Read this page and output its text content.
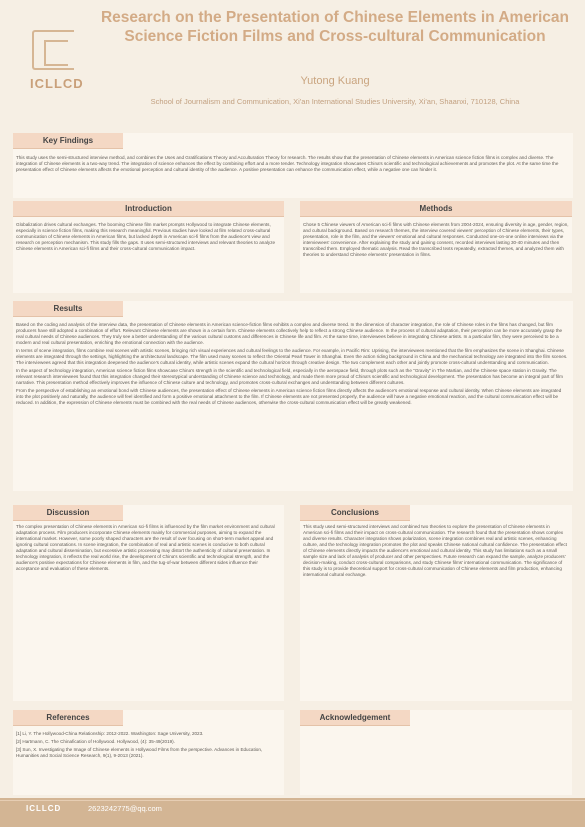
ICLLCD
Research on the Presentation of Chinese Elements in American Science Fiction Films and Cross-cultural Communication
Yutong Kuang
School of Journalism and Communication, Xi'an International Studies University, Xi'an, Shaanxi, 710128, China
Key Findings
This study uses the semi-structured interview method, and combines the Uses and Gratifications Theory and Acculturation Theory for research. The results show that the presentation of Chinese elements in American science fiction films is complex and diverse. The integration of Chinese elements is a two-way trend. The integration of science enhances the effect by combining effort and a more tender. Technology integration showcases China's scientific and technological achievements and promotes the plot. At the same time the presentation effect of Chinese elements affects the emotional perception and cultural identity of the audience. A positive presentation can enhance the communication effect, while a negative one can hinder it.
Introduction
Globalization drives cultural exchanges. The booming Chinese film market prompts Hollywood to integrate Chinese elements, especially in science fiction films, making this research meaningful. Previous studies have looked at film related cross-cultural communication of Chinese elements in American films, but lacked depth in American sci-fi films from the audience's view and research on perception mechanism. This study fills the gaps. It uses semi-structured interviews and relevant theories to analyze Chinese elements in American sci-fi films and their cross-cultural communication impact.
Methods
Chose 5 Chinese viewers of American sci-fi films with Chinese elements from 2004-2024, ensuring diversity in age, gender, region, and cultural background. Based on research themes, the interview covered viewers' perception of Chinese elements, their types, presentation, role in the film, and the viewers' emotional and cultural responses. Conducted one-on-one online interviews via the interviewees' convenience. After explaining the study and gaining consent, recorded interviews lasting 30-40 minutes and then transcribed them. Employed thematic analysis. Read the transcribed texts repeatedly, extracted themes, and analyzed them with theories to understand Chinese elements' presentation in films.
Results

Based on the coding and analysis of the interview data, the presentation of Chinese elements in American science-fiction films exhibits a complex and diverse trend. In the dimension of character integration, the role of Chinese roles in the films has changed, but film producers have still adopted a combination of effort. Relevant Chinese elements are shown in a certain form. Chinese elements collectively help to reflect a strong Chinese audience. In the process of cultural adaptation, their perception can be more accurately grasp the real cultural needs of Chinese audiences. They truly see a better understanding of the various cultural customs and differences in Chinese life and film. At the same time, interviewees believe in integrating Chinese artists. In a particular film, they were perceived to be a modern and real cultural presentation, enriching the emotional connection with the audience.

In terms of scene integration, films combine real scenes with artistic scenes, bringing rich visual experiences and cultural feelings to the audience. For example, in Pacific Rim: Uprising, the interviewees mentioned that the film emphasizes the scene in Shanghai. Chinese elements are integrated through the settings, highlighting the architectural landscape. The film used many scenes to reflect the Oriental Pearl Tower in Shanghai. Even the action riding background in China and the mechanical technology are integrated into the film scenes. The interviewees agreed that this integration deepened the audience's cultural identity, while artistic scenes expand the cultural horizon through creative design. The two complement each other and jointly promote cross-cultural understanding and communication.

In the aspect of technology integration, American science fiction films showcase China's strength in the scientific and technological field, especially in the aerospace field, through plots such as the "Gravity" in The Martian, and the Chinese space station in Gravity. The relevant research interviewees found that this integration changed their stereotypical understanding of Chinese science and technology, and made them more proud of China's scientific and technological development. The presentation has become an integral part of film narrative. This presentation method effectively improves the influence of Chinese culture and technology, and promotes cross-cultural exchanges and understanding between different cultures.

From the perspective of establishing an emotional bond with Chinese audiences, the presentation effect of Chinese elements in American science fiction films directly affects the audience's emotional response and cultural identity. When Chinese elements are integrated into the plot positively and naturally, the audience will feel identified and form a positive emotional attachment to the film. If Chinese elements are not presented properly, the audience will have a negative emotional reaction, and the cultural communication effect will be reduced. In addition, the expression of Chinese elements must be combined with the real needs of Chinese audiences, otherwise the cross-cultural communication effect will be greatly weakened.

Discussion
The complex presentation of Chinese elements in American sci-fi films is influenced by the film market environment and cultural adaptation process. Film producers incorporate Chinese elements mainly for commercial purposes, aiming to expand the international market. However, some poorly shaped characters are the result of over focusing on short-term market appeal and ignoring cultural connotations. In scene integration, the combination of real and artistic scenes is conducive to both cultural adaptation and cultural dissemination, but excessive artistic processing may distort the authenticity of cultural presentation. In technology integration, it reflects the real world rise, the development of China's scientific and technological strength, and the audience's positive expectations for Chinese elements in film, and the tug-of-war between different sides influence their acceptance and evaluation of these elements.
Conclusions
This study used semi-structured interviews and combined two theories to explore the presentation of Chinese elements in American sci-fi films and their impact on cross-cultural communication. The research found that the presentation shows complex and diverse results. Character integration shows polarization, scene integration combines real and artistic scenes, enhancing culture, and the technology integration promotes the plot and speaks Chinese national cultural confidence. The presentation effect of Chinese elements directly impacts the audience's emotional and cultural identity. This study has limitations such as a small sample size and lack of analysis of producer and other perspectives. Future research can expand the sample, analyze producers' decision-making, conduct cross-cultural comparisons, and study Chinese films' international communication. The significance of this study is to provide theoretical support for cross-cultural communication of Chinese elements and film production, enhancing international cultural exchange.
References
[1] Li, Y. The Hollywood-China Relationship: 2012-2022. Washington: Sage University, 2023.
[2] Hartmann, C. The Chinafication of Hollywood. Hollywood, (4): 35-49(2019).
[3] Sun, X. Investigating the Image of Chinese elements in Hollywood Films from the perspective. Advances in Education, Humanities and Social Science Research, 9(1), 9-2013 (2021).
Acknowledgement
ICLLCD	2623242775@qq.com
